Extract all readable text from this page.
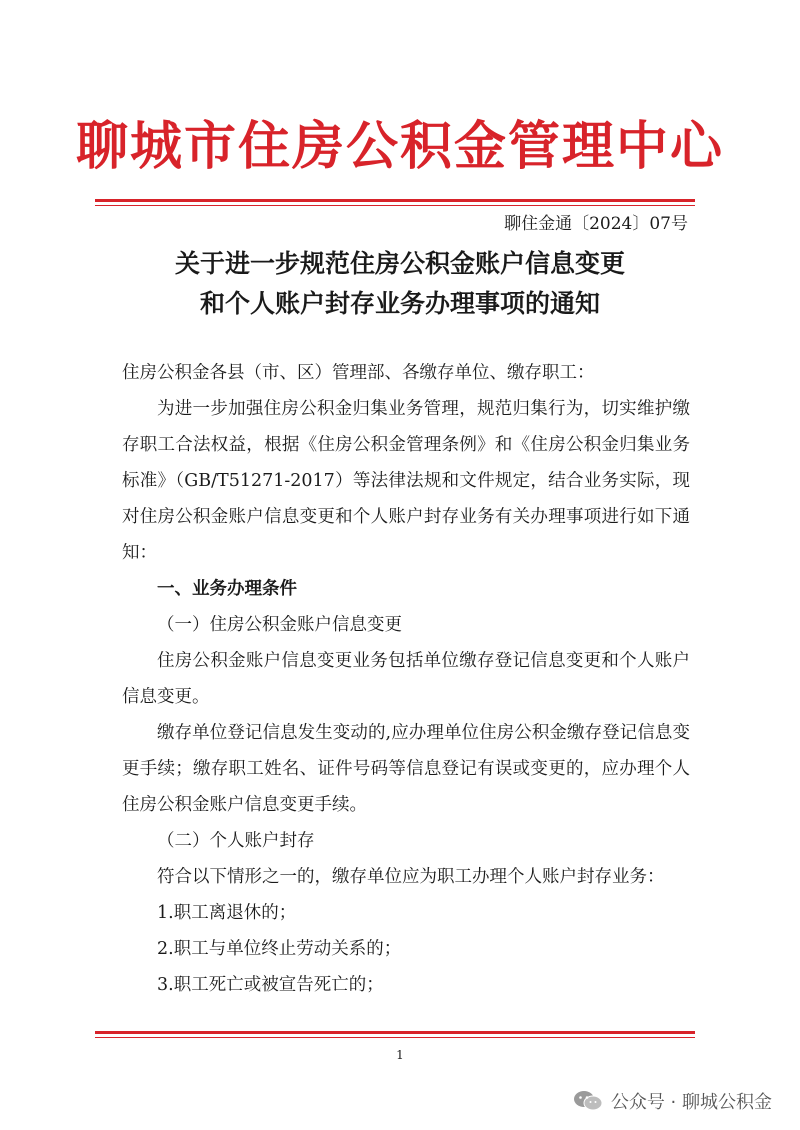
聊城市住房公积金管理中心
聊住金通〔2024〕07号
关于进一步规范住房公积金账户信息变更
和个人账户封存业务办理事项的通知

住房公积金各县（市、区）管理部、各缴存单位、缴存职工：

为进一步加强住房公积金归集业务管理，规范归集行为，切实维护缴存职工合法权益，根据《住房公积金管理条例》和《住房公积金归集业务标准》（GB/T51271-2017）等法律法规和文件规定，结合业务实际，现对住房公积金账户信息变更和个人账户封存业务有关办理事项进行如下通知：

一、业务办理条件

（一）住房公积金账户信息变更

住房公积金账户信息变更业务包括单位缴存登记信息变更和个人账户信息变更。

缴存单位登记信息发生变动的,应办理单位住房公积金缴存登记信息变更手续；缴存职工姓名、证件号码等信息登记有误或变更的，应办理个人住房公积金账户信息变更手续。

（二）个人账户封存

符合以下情形之一的，缴存单位应为职工办理个人账户封存业务：

1.职工离退休的；

2.职工与单位终止劳动关系的；

3.职工死亡或被宣告死亡的；

1
公众号 · 聊城公积金
